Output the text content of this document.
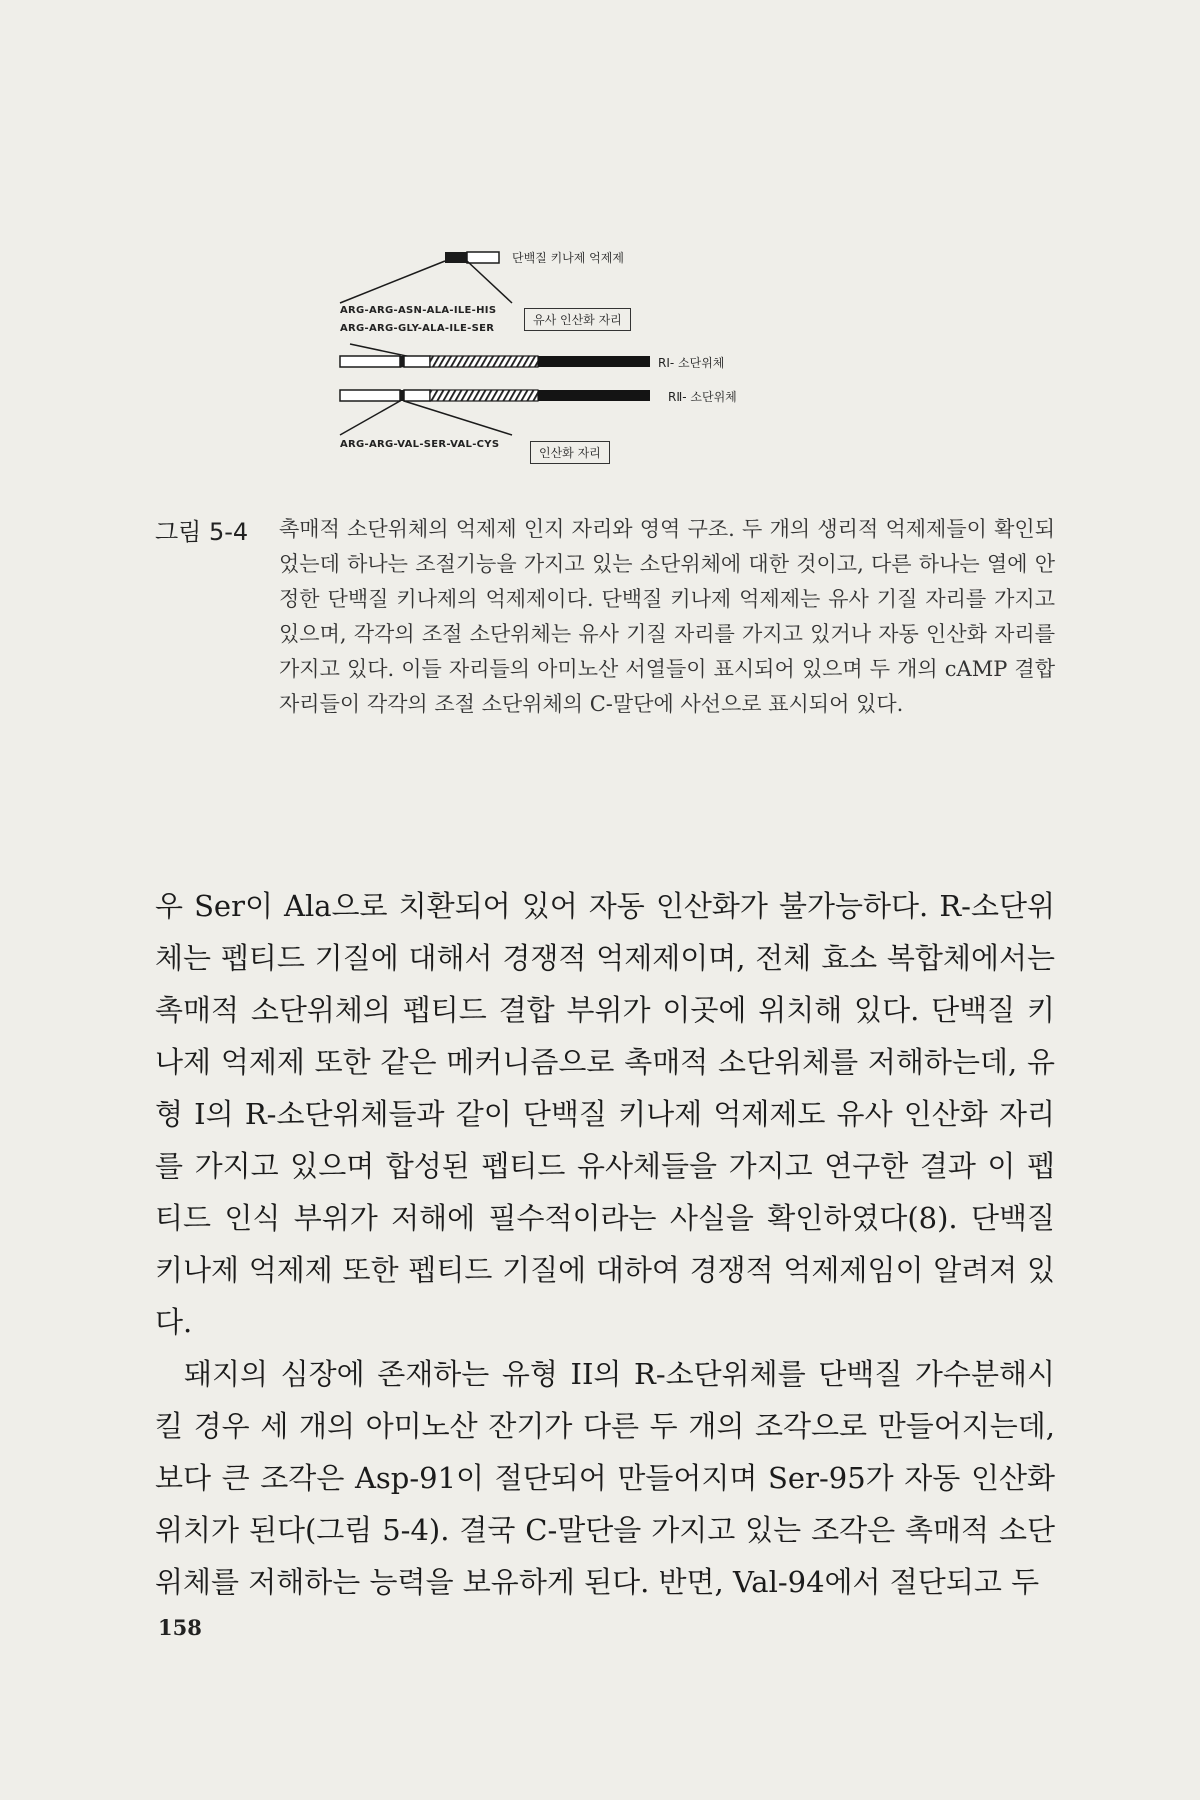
단백질 키나제 억제제
ARG-ARG-ASN-ALA-ILE-HIS
ARG-ARG-GLY-ALA-ILE-SER
유사 인산화 자리
RⅠ- 소단위체
RⅡ- 소단위체
ARG-ARG-VAL-SER-VAL-CYS
인산화 자리
그림 5-4 촉매적 소단위체의 억제제 인지 자리와 영역 구조. 두 개의 생리적 억제제들이 확인되었는데 하나는 조절기능을 가지고 있는 소단위체에 대한 것이고, 다른 하나는 열에 안정한 단백질 키나제의 억제제이다. 단백질 키나제 억제제는 유사 기질 자리를 가지고 있으며, 각각의 조절 소단위체는 유사 기질 자리를 가지고 있거나 자동 인산화 자리를 가지고 있다. 이들 자리들의 아미노산 서열들이 표시되어 있으며 두 개의 cAMP 결합 자리들이 각각의 조절 소단위체의 C-말단에 사선으로 표시되어 있다.

우 Ser이 Ala으로 치환되어 있어 자동 인산화가 불가능하다. R-소단위체는 펩티드 기질에 대해서 경쟁적 억제제이며, 전체 효소 복합체에서는 촉매적 소단위체의 펩티드 결합 부위가 이곳에 위치해 있다. 단백질 키나제 억제제 또한 같은 메커니즘으로 촉매적 소단위체를 저해하는데, 유형 I의 R-소단위체들과 같이 단백질 키나제 억제제도 유사 인산화 자리를 가지고 있으며 합성된 펩티드 유사체들을 가지고 연구한 결과 이 펩티드 인식 부위가 저해에 필수적이라는 사실을 확인하였다(8). 단백질 키나제 억제제 또한 펩티드 기질에 대하여 경쟁적 억제제임이 알려져 있다.

돼지의 심장에 존재하는 유형 II의 R-소단위체를 단백질 가수분해시킬 경우 세 개의 아미노산 잔기가 다른 두 개의 조각으로 만들어지는데, 보다 큰 조각은 Asp-91이 절단되어 만들어지며 Ser-95가 자동 인산화 위치가 된다(그림 5-4). 결국 C-말단을 가지고 있는 조각은 촉매적 소단위체를 저해하는 능력을 보유하게 된다. 반면, Val-94에서 절단되고 두

158
